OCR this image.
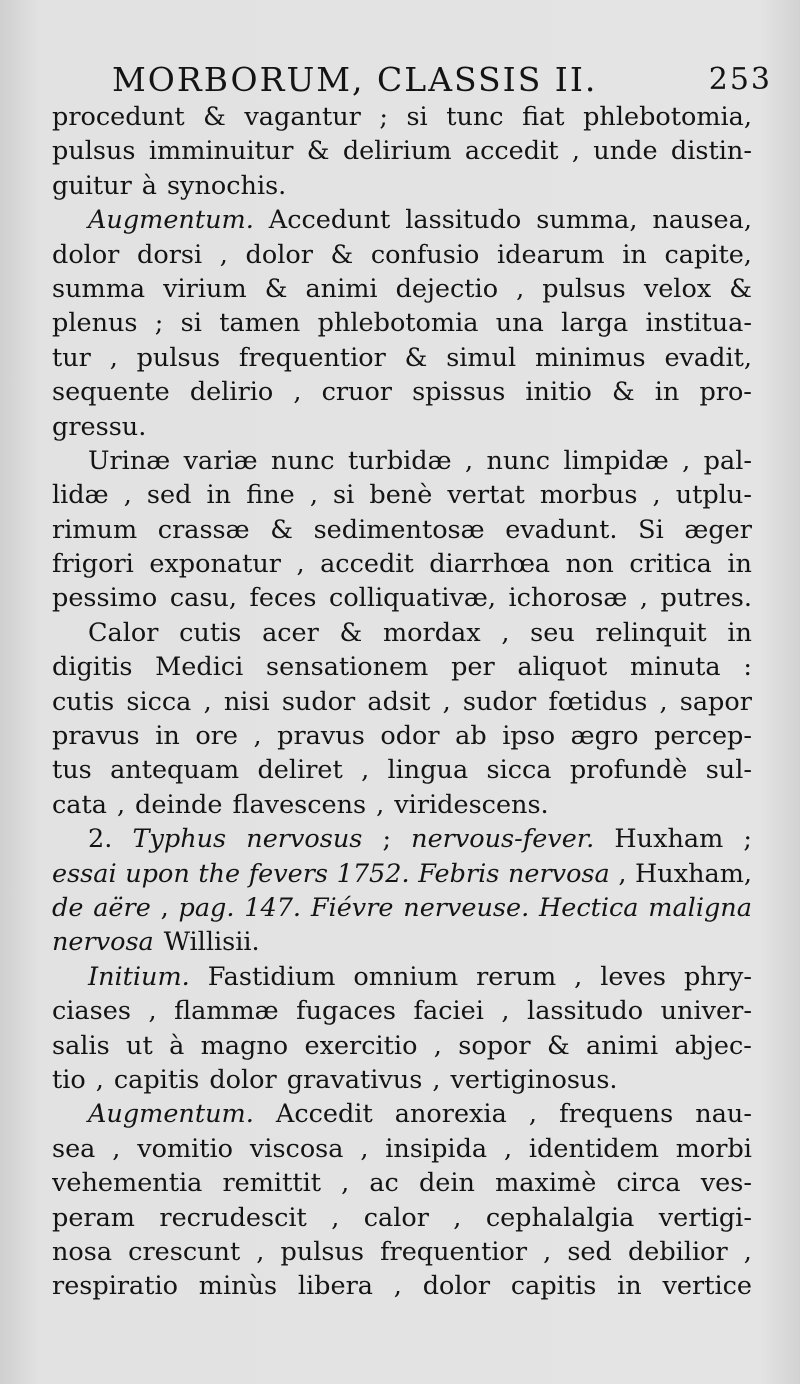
MORBORUM, CLASSIS II.	253
procedunt & vagantur ; si tunc fiat phlebotomia,
pulsus imminuitur & delirium accedit , unde distin-
guitur à synochis.
Augmentum. Accedunt lassitudo summa, nausea,
dolor dorsi , dolor & confusio idearum in capite,
summa virium & animi dejectio , pulsus velox &
plenus ; si tamen phlebotomia una larga institua-
tur , pulsus frequentior & simul minimus evadit,
sequente delirio , cruor spissus initio & in pro-
gressu.
Urinæ variæ nunc turbidæ , nunc limpidæ , pal-
lidæ , sed in fine , si benè vertat morbus , utplu-
rimum crassæ & sedimentosæ evadunt. Si æger
frigori exponatur , accedit diarrhœa non critica in
pessimo casu, feces colliquativæ, ichorosæ , putres.
Calor cutis acer & mordax , seu relinquit in
digitis Medici sensationem per aliquot minuta :
cutis sicca , nisi sudor adsit , sudor fœtidus , sapor
pravus in ore , pravus odor ab ipso ægro percep-
tus antequam deliret , lingua sicca profundè sul-
cata , deinde flavescens , viridescens.
2. Typhus nervosus ; nervous-fever. Huxham ;
essai upon the fevers 1752. Febris nervosa , Huxham,
de aëre , pag. 147. Fiévre nerveuse. Hectica maligna
nervosa Willisii.
Initium. Fastidium omnium rerum , leves phry-
ciases , flammæ fugaces faciei , lassitudo univer-
salis ut à magno exercitio , sopor & animi abjec-
tio , capitis dolor gravativus , vertiginosus.
Augmentum. Accedit anorexia , frequens nau-
sea , vomitio viscosa , insipida , identidem morbi
vehementia remittit , ac dein maximè circa ves-
peram recrudescit , calor , cephalalgia vertigi-
nosa crescunt , pulsus frequentior , sed debilior ,
respiratio minùs libera , dolor capitis in vertice
